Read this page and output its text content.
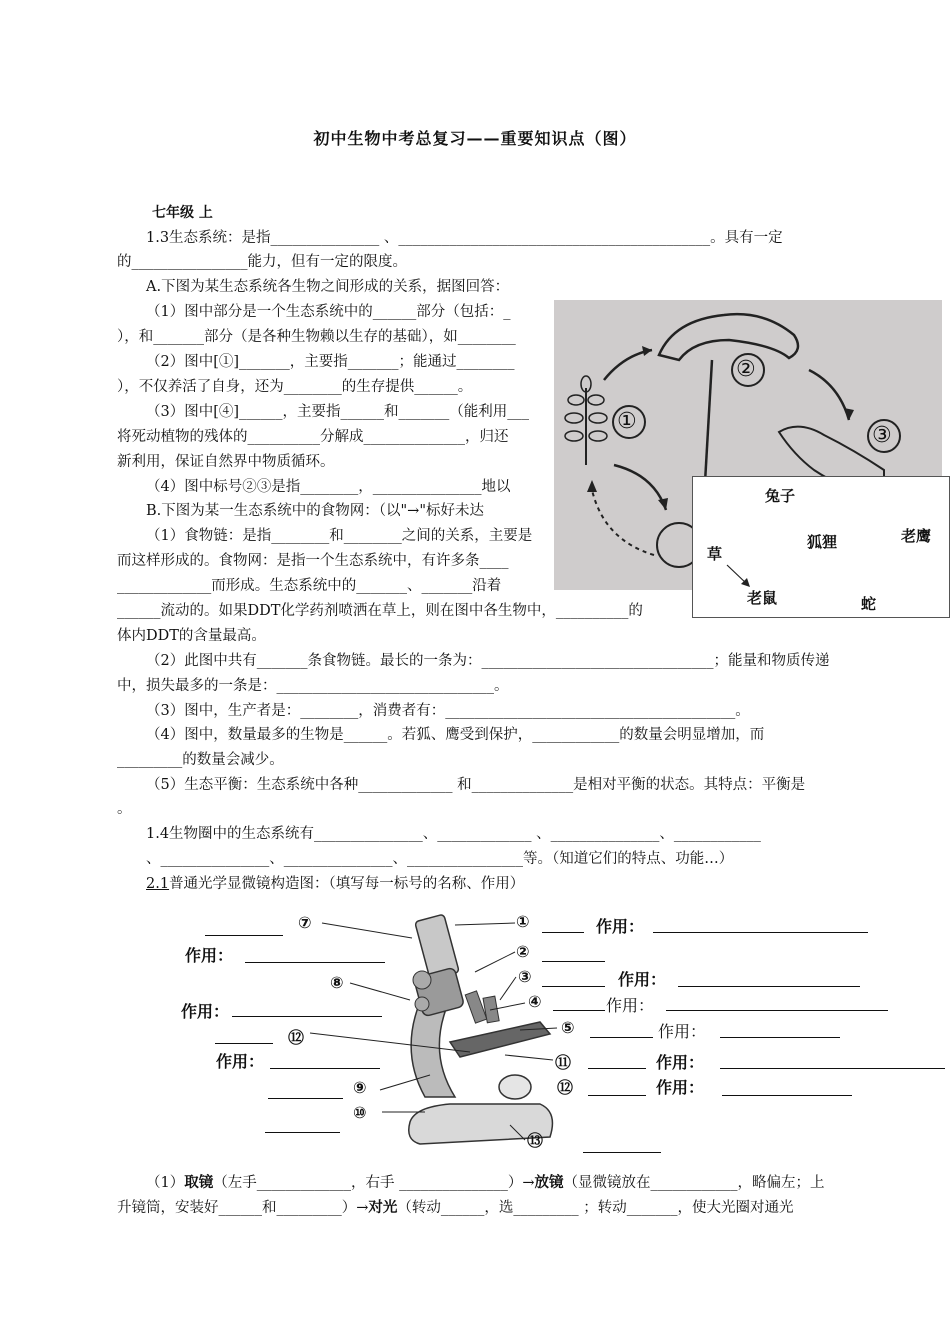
初中生物中考总复习——重要知识点（图）
七年级 上
1.3生态系统：是指_______________ 、___________________________________________。具有一定
的________________能力，但有一定的限度。
A.下图为某生态系统各生物之间形成的关系，据图回答：
（1）图中部分是一个生态系统中的______部分（包括：_
），和_______部分（是各种生物赖以生存的基础），如________
（2）图中[①]_______，主要指_______；能通过________
），不仅养活了自身，还为________的生存提供______。
（3）图中[④]______，主要指______和_______（能利用___
将死动植物的残体的__________分解成______________，归还
新利用，保证自然界中物质循环。
（4）图中标号②③是指________，_______________地以
B.下图为某一生态系统中的食物网：（以"→"标好未达
（1）食物链：是指________和________之间的关系，主要是
而这样形成的。食物网：是指一个生态系统中，有许多条____
_____________而形成。生态系统中的_______、_______沿着
______流动的。如果DDT化学药剂喷洒在草上，则在图中各生物中，__________的
体内DDT的含量最高。
（2）此图中共有_______条食物链。最长的一条为：________________________________；能量和物质传递
中，损失最多的一条是：______________________________。
（3）图中，生产者是：________，消费者有：________________________________________。
（4）图中，数量最多的生物是______。若狐、鹰受到保护，____________的数量会明显增加，而
_________的数量会减少。
（5）生态平衡：生态系统中各种_____________ 和______________是相对平衡的状态。其特点：平衡是
。
1.4生物圈中的生态系统有_______________、_____________ 、_______________、____________
、_______________、_______________、________________等。（知道它们的特点、功能…）
2.1普通光学显微镜构造图：（填写每一标号的名称、作用）
①
②
③
兔子
狐狸	老鹰
草
老鼠	蛇
⑦
作用：
⑧
作用：
⑫
作用：
⑨
⑩
①	作用：
②
③	作用：
④	作用：
⑤	作用：
⑪	作用：
⑫	作用：
⑬
（1）取镜（左手_____________，右手 _______________）→放镜（显微镜放在____________，略偏左；上
升镜筒，安装好______和_________）→对光（转动______，选_________ ；转动_______，使大光圈对通光
